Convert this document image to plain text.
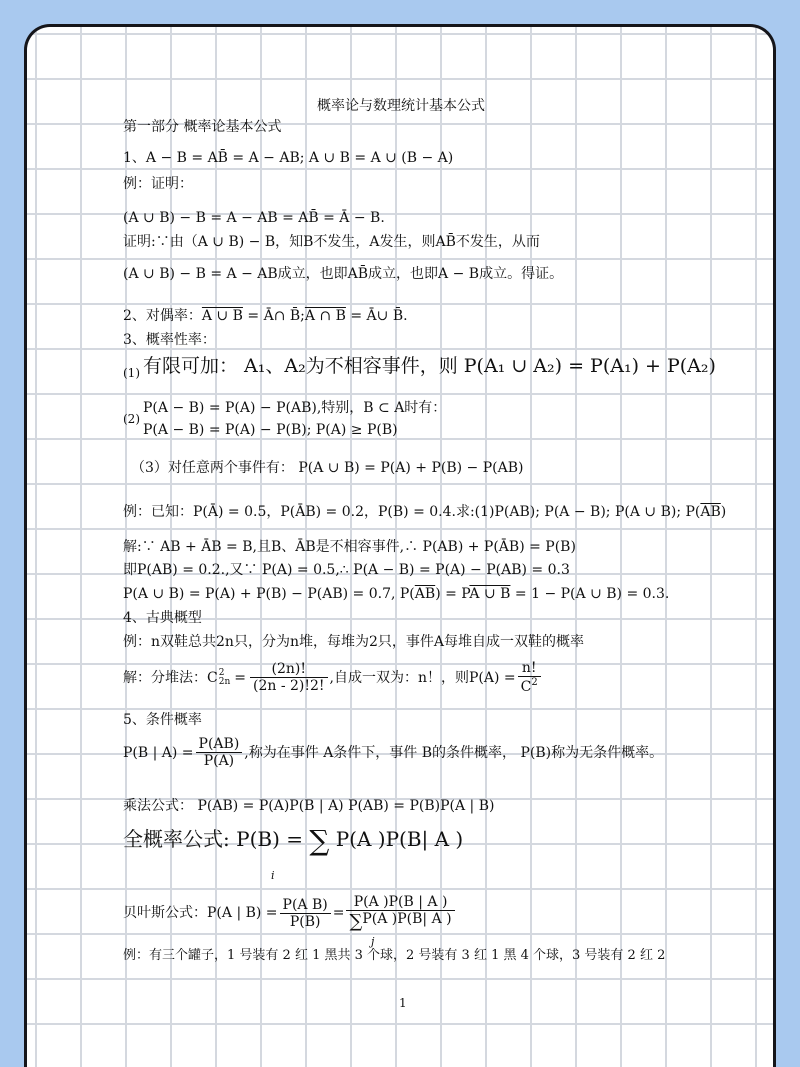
概率论与数理统计基本公式
第一部分 概率论基本公式
1、A − B = AB̄ = A − AB; A ∪ B = A ∪ (B − A)
例：证明：
(A ∪ B) − B = A − AB = AB̄ = Ā − B.
证明:∵由（A ∪ B) − B，知B不发生，A发生，则AB̄不发生，从而
(A ∪ B) − B = A − AB成立，也即AB̄成立，也即A − B成立。得证。
2、对偶率：A ∪ B = Ā∩ B̄;A ∩ B = Ā∪ B̄.
3、概率性率：
(1) 有限可加： A₁、A₂为不相容事件，则 P(A₁ ∪ A₂) = P(A₁) + P(A₂)
(2)
P(A − B) = P(A) − P(AB),特别，B ⊂ A时有：
P(A − B) = P(A) − P(B); P(A) ≥ P(B)
（3）对任意两个事件有： P(A ∪ B) = P(A) + P(B) − P(AB)
例：已知：P(Ā) = 0.5，P(ĀB) = 0.2，P(B) = 0.4.求:(1)P(AB); P(A − B); P(A ∪ B); $P(\overline{AB})$
解:∵ AB + ĀB = B,且B、ĀB是不相容事件,∴ P(AB) + P(ĀB) = P(B)
即P(AB) = 0.2.,又∵ P(A) = 0.5,∴ P(A − B) = P(A) − P(AB) = 0.3
P(A ∪ B) = P(A) + P(B) − P(AB) = 0.7, $P(\overline{AB})$ = PA ∪ B = 1 − P(A ∪ B) = 0.3.
4、古典概型
例：n双鞋总共2n只，分为n堆，每堆为2只，事件A每堆自成一双鞋的概率
解：分堆法：C 2
$2n = \frac{(2n)!}{(2n - 2)!2!}$ ,自成一双为：n！，则$P(A) = \frac{n!}{C^2}$
5、条件概率
P(B | $A) = \frac{P(AB)}{P(A)}$ ,称为在事件 A条件下，事件 B的条件概率， P(B)称为无条件概率。
乘法公式： P(AB) = P(A)P(B | A) P(AB) = P(B)P(A | B)
全概率公式: P(B) = ∑ P(A )P(B| A )
i
贝叶斯公式：P(A | $B) = \frac{\text{P(A B)}}{P(B)} = \frac{P(A )P(B | A )}{\sum P(A )P(B| A )}$
j
例：有三个罐子，1 号装有 2 红 1 黑共 3 个球，2 号装有 3 红 1 黑 4 个球，3 号装有 2 红 2
1
